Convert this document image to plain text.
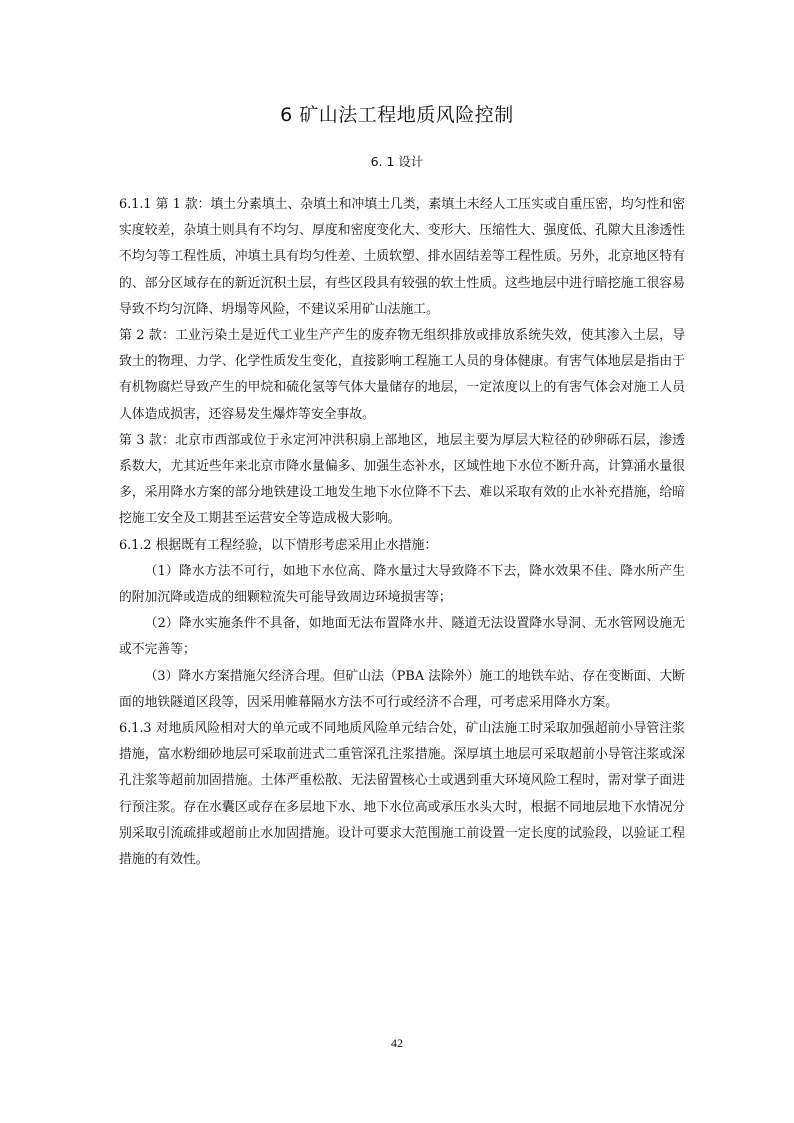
6 矿山法工程地质风险控制
6. 1 设计

6.1.1 第 1 款：填土分素填土、杂填土和冲填土几类，素填土未经人工压实或自重压密，均匀性和密实度较差，杂填土则具有不均匀、厚度和密度变化大、变形大、压缩性大、强度低、孔隙大且渗透性不均匀等工程性质，冲填土具有均匀性差、土质软塑、排水固结差等工程性质。另外，北京地区特有的、部分区域存在的新近沉积土层，有些区段具有较强的软土性质。这些地层中进行暗挖施工很容易导致不均匀沉降、坍塌等风险，不建议采用矿山法施工。

第 2 款：工业污染土是近代工业生产产生的废弃物无组织排放或排放系统失效，使其渗入土层，导致土的物理、力学、化学性质发生变化，直接影响工程施工人员的身体健康。有害气体地层是指由于有机物腐烂导致产生的甲烷和硫化氢等气体大量储存的地层，一定浓度以上的有害气体会对施工人员人体造成损害，还容易发生爆炸等安全事故。

第 3 款：北京市西部或位于永定河冲洪积扇上部地区，地层主要为厚层大粒径的砂卵砾石层，渗透系数大，尤其近些年来北京市降水量偏多、加强生态补水，区域性地下水位不断升高，计算涌水量很多，采用降水方案的部分地铁建设工地发生地下水位降不下去、难以采取有效的止水补充措施，给暗挖施工安全及工期甚至运营安全等造成极大影响。

6.1.2 根据既有工程经验，以下情形考虑采用止水措施：

（1）降水方法不可行，如地下水位高、降水量过大导致降不下去，降水效果不佳、降水所产生的附加沉降或造成的细颗粒流失可能导致周边环境损害等；

（2）降水实施条件不具备，如地面无法布置降水井、隧道无法设置降水导洞、无水管网设施无或不完善等；

（3）降水方案措施欠经济合理。但矿山法（PBA 法除外）施工的地铁车站、存在变断面、大断面的地铁隧道区段等，因采用帷幕隔水方法不可行或经济不合理，可考虑采用降水方案。

6.1.3 对地质风险相对大的单元或不同地质风险单元结合处，矿山法施工时采取加强超前小导管注浆措施，富水粉细砂地层可采取前进式二重管深孔注浆措施。深厚填土地层可采取超前小导管注浆或深孔注浆等超前加固措施。土体严重松散、无法留置核心土或遇到重大环境风险工程时，需对掌子面进行预注浆。存在水囊区或存在多层地下水、地下水位高或承压水头大时，根据不同地层地下水情况分别采取引流疏排或超前止水加固措施。设计可要求大范围施工前设置一定长度的试验段，以验证工程措施的有效性。

42
